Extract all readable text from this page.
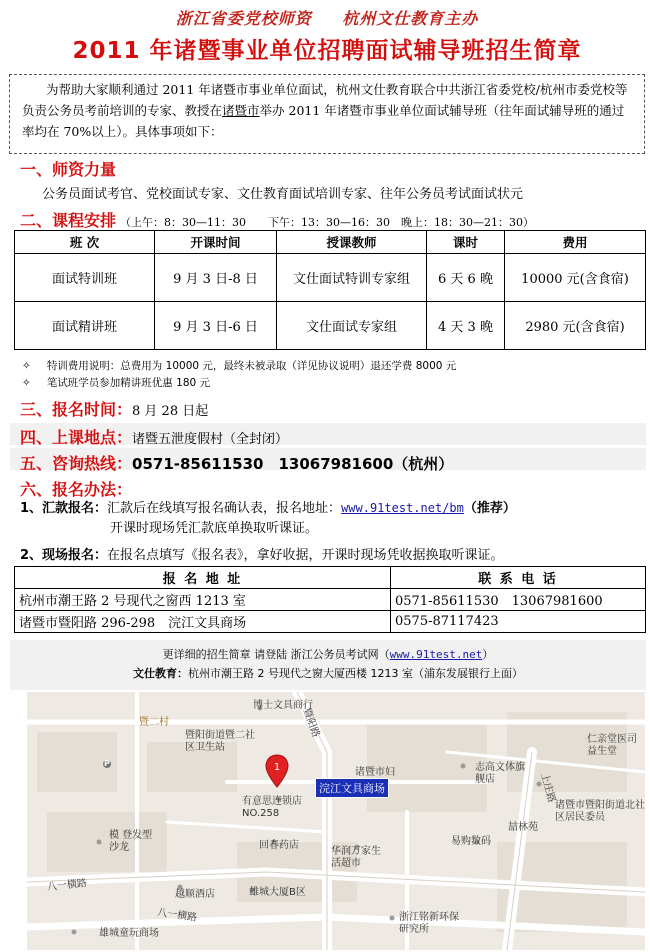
浙江省委党校师资 杭州文仕教育主办
2011 年诸暨事业单位招聘面试辅导班招生简章
为帮助大家顺利通过 2011 年诸暨市事业单位面试，杭州文仕教育联合中共浙江省委党校/杭州市委党校等负责公务员考前培训的专家、教授在诸暨市举办 2011 年诸暨市事业单位面试辅导班（往年面试辅导班的通过率均在 70%以上）。具体事项如下：
一、师资力量
公务员面试考官、党校面试专家、文仕教育面试培训专家、往年公务员考试面试状元
二、课程安排 （上午：8：30—11：30　　下午：13：30—16：30　晚上：18：30—21：30）
班 次	开课时间	授课教师	课时	费用
面试特训班	9 月 3 日-8 日	文仕面试特训专家组	6 天 6 晚	10000 元(含食宿)
面试精讲班	9 月 3 日-6 日	文仕面试专家组	4 天 3 晚	2980 元(含食宿)
✧ 特训费用说明：总费用为 10000 元，最终未被录取（详见协议说明）退还学费 8000 元
✧ 笔试班学员参加精讲班优惠 180 元
三、报名时间：8 月 28 日起
四、上课地点：诸暨五泄度假村（全封闭）
五、咨询热线：0571-85611530　13067981600（杭州）
六、报名办法：
1、汇款报名：汇款后在线填写报名确认表，报名地址：www.91test.net/bm（推荐）
开课时现场凭汇款底单换取听课证。
2、现场报名：在报名点填写《报名表》，拿好收据，开课时现场凭收据换取听课证。
报 名 地 址	联 系 电 话
杭州市潮王路 2 号现代之窗西 1213 室	0571-85611530　13067981600
诸暨市暨阳路 296-298　浣江文具商场	0575-87117423
更详细的招生简章 请登陆 浙江公务员考试网（www.91test.net）
文仕教育：杭州市潮王路 2 号现代之窗大厦西楼 1213 室（浦东发展银行上面）
1
浣江文具商场
博士文具商行
暨二村
暨阳街道暨二社区卫生站
暨阳路
诸暨市妇	志高文体旗舰店
仁亲堂医司益生堂
上庄路
有意思连锁店NO.258
诸暨市暨阳街道北社区居民委员
模 登发型沙龙
易购数码
喆林苑
回春药店
华润万家生活超市
八一横路
越顺酒店	雄城大厦B区
八一横路
雄城童玩商场
浙江铭新环保研究所
P
